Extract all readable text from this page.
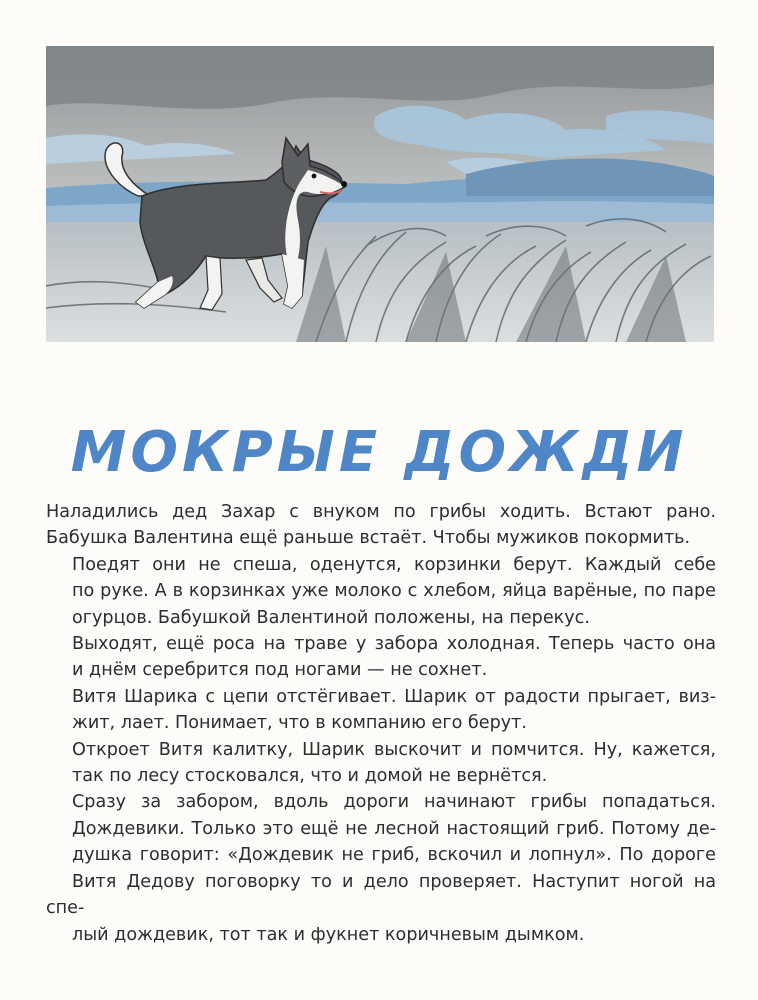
МОКРЫЕ ДОЖДИ

Наладились дед Захар с внуком по грибы ходить. Встают рано.
Бабушка Валентина ещё раньше встаёт. Чтобы мужиков покормить.

Поедят они не спеша, оденутся, корзинки берут. Каждый себе
по руке. А в корзинках уже молоко с хлебом, яйца варёные, по паре
огурцов. Бабушкой Валентиной положены, на перекус.

Выходят, ещё роса на траве у забора холодная. Теперь часто она
и днём серебрится под ногами — не сохнет.

Витя Шарика с цепи отстёгивает. Шарик от радости прыгает, виз-
жит, лает. Понимает, что в компанию его берут.

Откроет Витя калитку, Шарик выскочит и помчится. Ну, кажется,
так по лесу стосковался, что и домой не вернётся.

Сразу за забором, вдоль дороги начинают грибы попадаться.
Дождевики. Только это ещё не лесной настоящий гриб. Потому де-
душка говорит: «Дождевик не гриб, вскочил и лопнул». По дороге
Витя Дедову поговорку то и дело проверяет. Наступит ногой на спе-
лый дождевик, тот так и фукнет коричневым дымком.
